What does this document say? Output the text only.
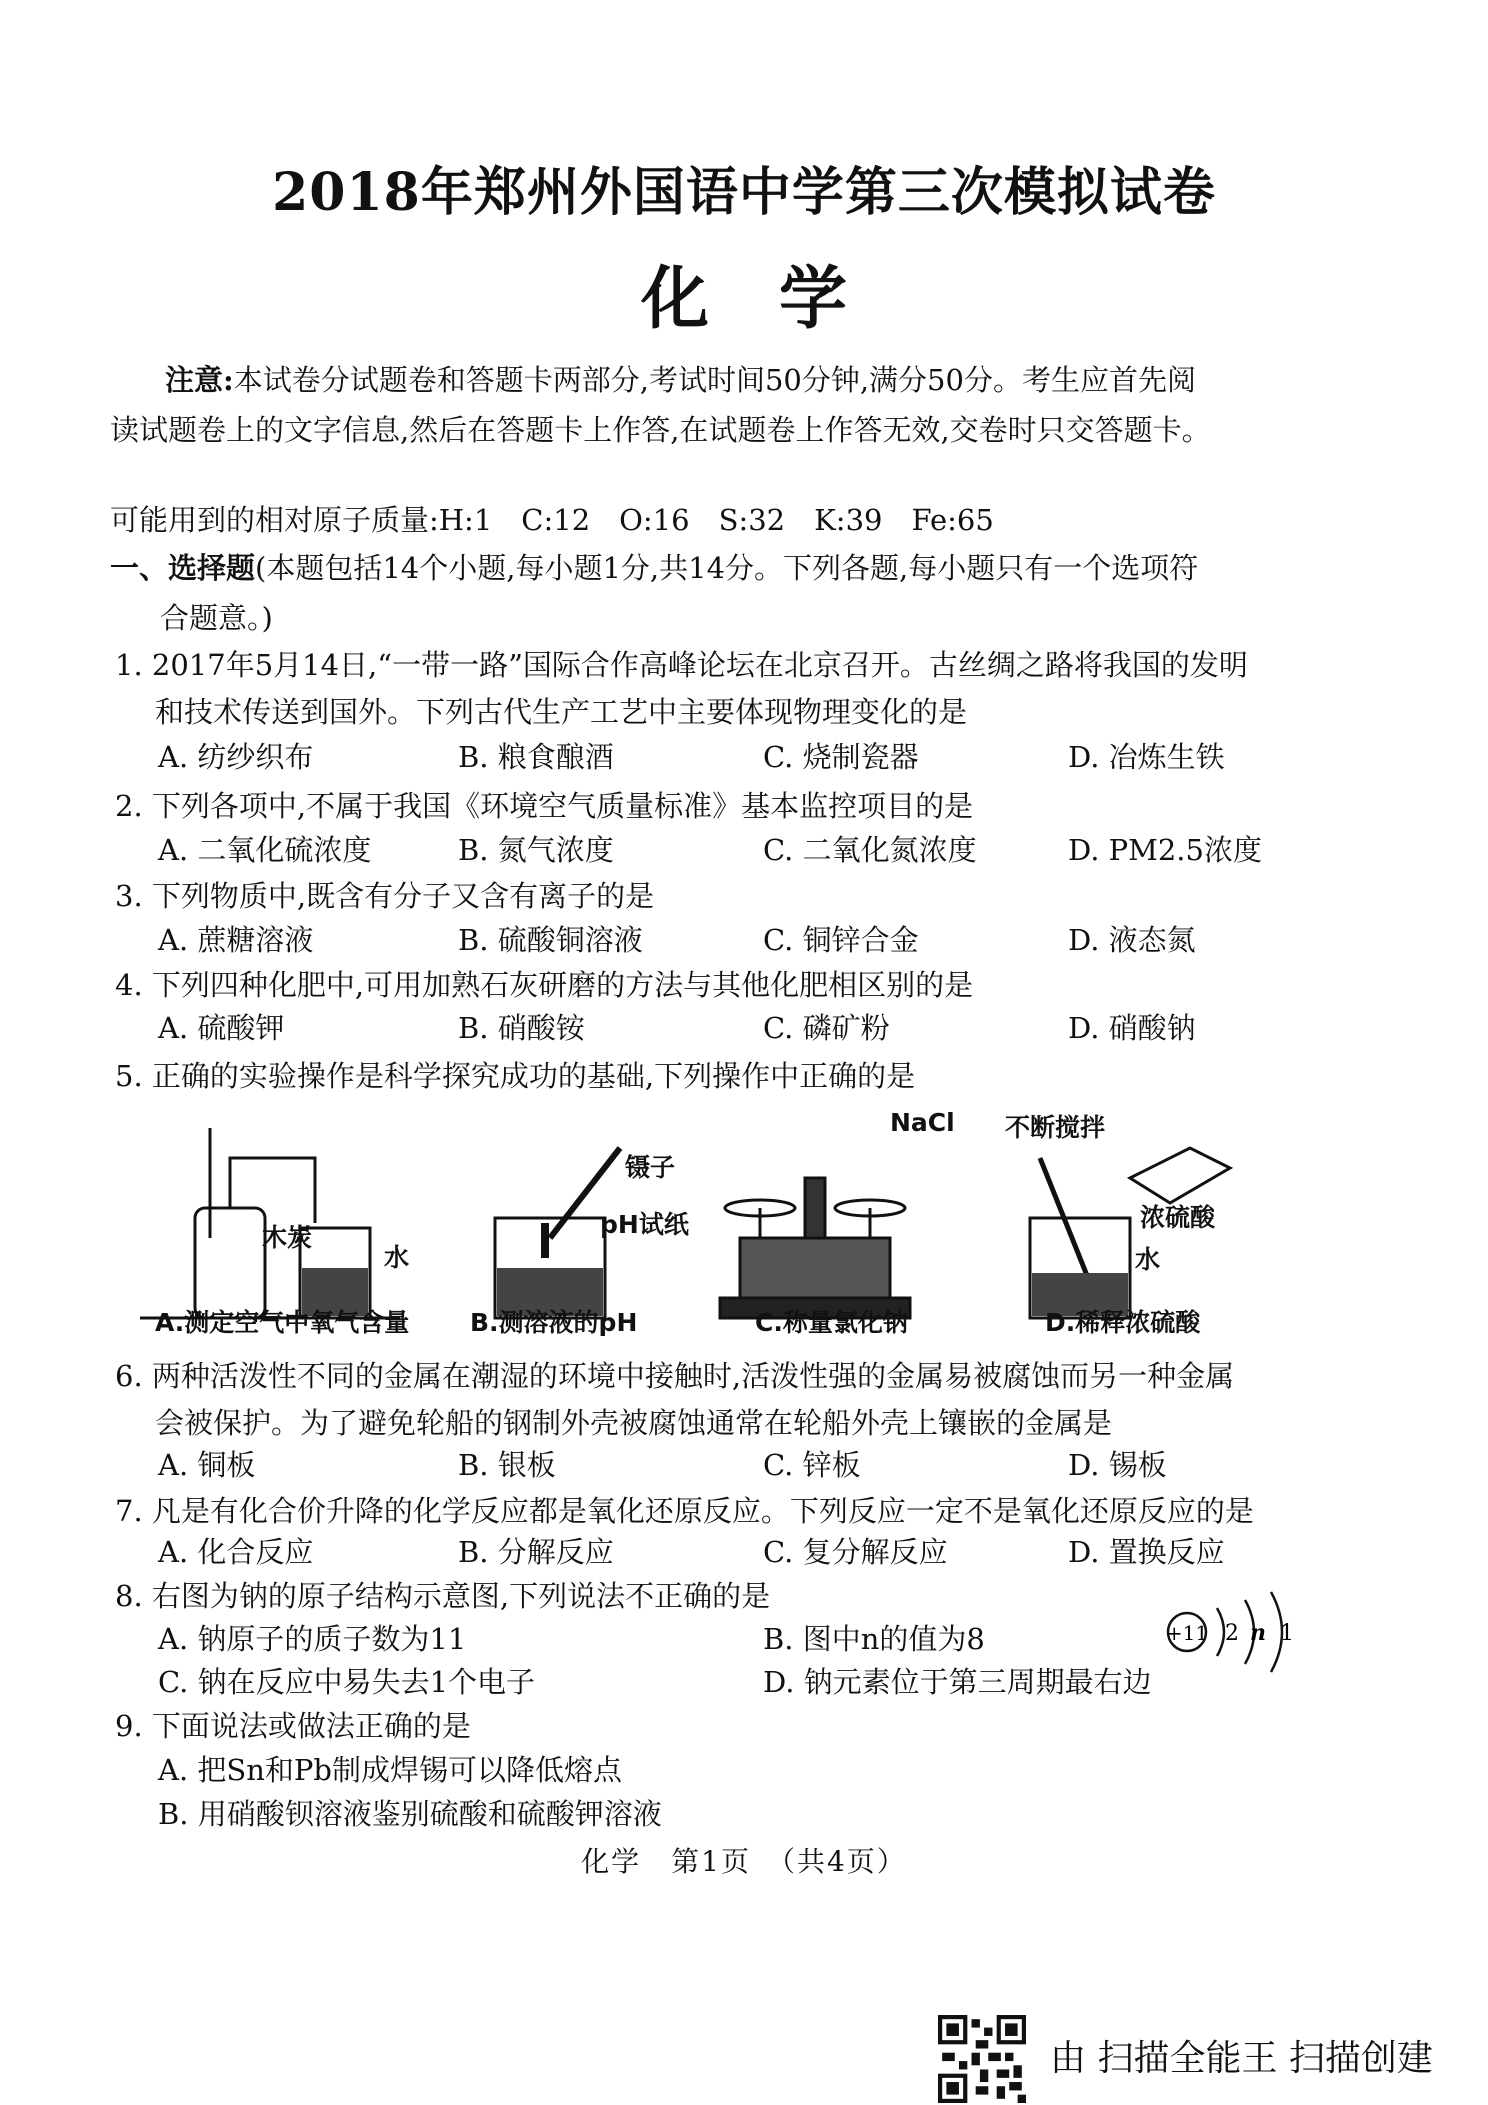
2018年郑州外国语中学第三次模拟试卷
化学

注意:本试卷分试题卷和答题卡两部分,考试时间50分钟,满分50分。考生应首先阅

读试题卷上的文字信息,然后在答题卡上作答,在试题卷上作答无效,交卷时只交答题卡。

可能用到的相对原子质量:H:1　C:12　O:16　S:32　K:39　Fe:65

一、选择题(本题包括14个小题,每小题1分,共14分。下列各题,每小题只有一个选项符

合题意。)

1. 2017年5月14日,“一带一路”国际合作高峰论坛在北京召开。古丝绸之路将我国的发明

和技术传送到国外。下列古代生产工艺中主要体现物理变化的是

A. 纺纱织布	B. 粮食酿酒	C. 烧制瓷器	D. 冶炼生铁

2. 下列各项中,不属于我国《环境空气质量标准》基本监控项目的是

A. 二氧化硫浓度	B. 氮气浓度	C. 二氧化氮浓度	D. PM2.5浓度

3. 下列物质中,既含有分子又含有离子的是

A. 蔗糖溶液	B. 硫酸铜溶液	C. 铜锌合金	D. 液态氮

4. 下列四种化肥中,可用加熟石灰研磨的方法与其他化肥相区别的是

A. 硫酸钾	B. 硝酸铵	C. 磷矿粉	D. 硝酸钠

5. 正确的实验操作是科学探究成功的基础,下列操作中正确的是

木炭
水
镊子
pH试纸
NaCl 不断搅拌
浓硫酸
水
A.测定空气中氧气含量 B.测溶液的pH	C.称量氯化钠	D.稀释浓硫酸

6. 两种活泼性不同的金属在潮湿的环境中接触时,活泼性强的金属易被腐蚀而另一种金属

会被保护。为了避免轮船的钢制外壳被腐蚀通常在轮船外壳上镶嵌的金属是

A. 铜板	B. 银板	C. 锌板	D. 锡板

7. 凡是有化合价升降的化学反应都是氧化还原反应。下列反应一定不是氧化还原反应的是

A. 化合反应	B. 分解反应	C. 复分解反应	D. 置换反应

8. 右图为钠的原子结构示意图,下列说法不正确的是

A. 钠原子的质子数为11	B. 图中n的值为8
C. 钠在反应中易失去1个电子	D. 钠元素位于第三周期最右边
+11 2 n 1

9. 下面说法或做法正确的是

A. 把Sn和Pb制成焊锡可以降低熔点
B. 用硝酸钡溶液鉴别硫酸和硫酸钾溶液
化学　第1页　（共4页）
由 扫描全能王 扫描创建
